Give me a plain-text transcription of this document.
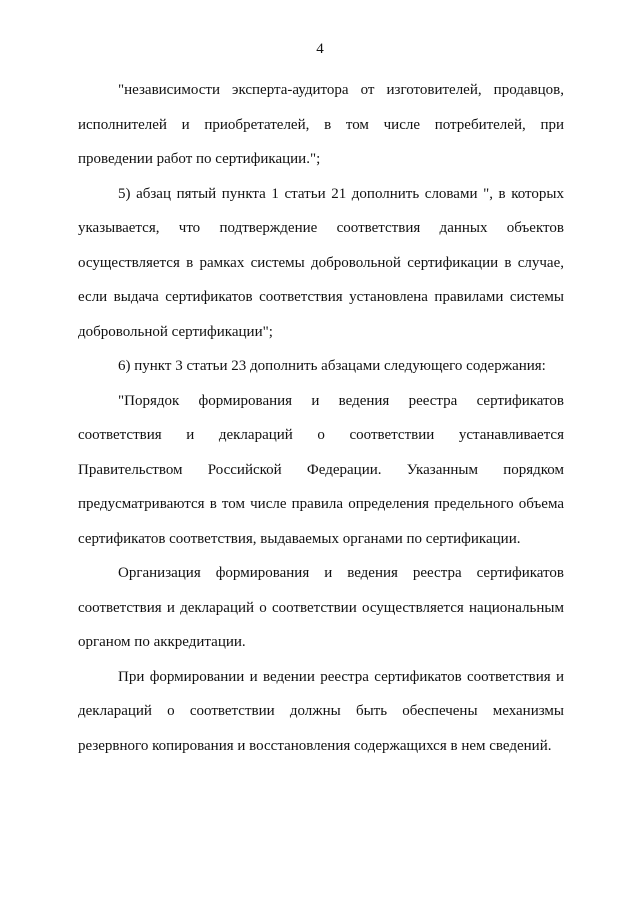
4

"независимости эксперта-аудитора от изготовителей, продавцов, исполнителей и приобретателей, в том числе потребителей, при проведении работ по сертификации.";

5) абзац пятый пункта 1 статьи 21 дополнить словами ", в которых указывается, что подтверждение соответствия данных объектов осуществляется в рамках системы добровольной сертификации в случае, если выдача сертификатов соответствия установлена правилами системы добровольной сертификации";

6) пункт 3 статьи 23 дополнить абзацами следующего содержания:

"Порядок формирования и ведения реестра сертификатов соответствия и деклараций о соответствии устанавливается Правительством Российской Федерации. Указанным порядком предусматриваются в том числе правила определения предельного объема сертификатов соответствия, выдаваемых органами по сертификации.

Организация формирования и ведения реестра сертификатов соответствия и деклараций о соответствии осуществляется национальным органом по аккредитации.

При формировании и ведении реестра сертификатов соответствия и деклараций о соответствии должны быть обеспечены механизмы резервного копирования и восстановления содержащихся в нем сведений.
